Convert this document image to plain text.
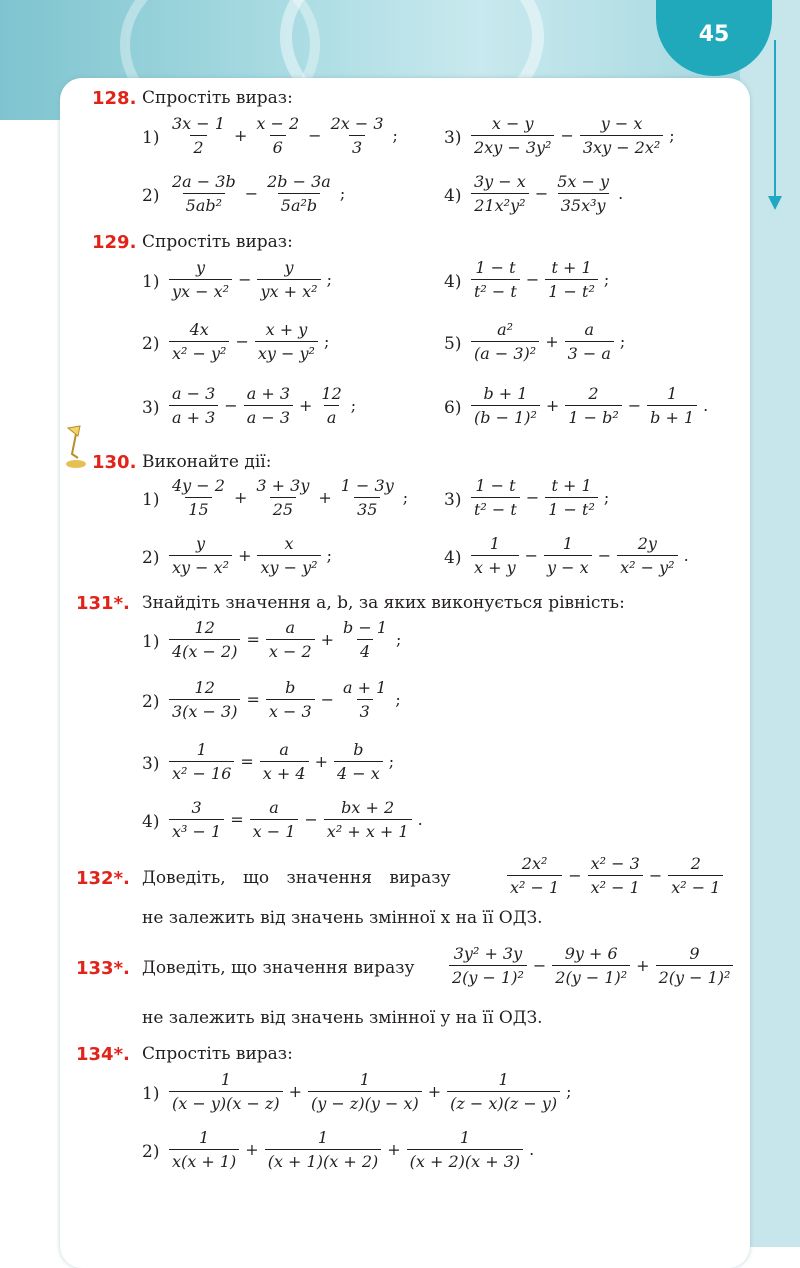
45
128. Спростіть вираз:
$1) \frac{3x - 1}{2} + \frac{x - 2}{6} - \frac{2x - 3}{3}$ ;	$3) \frac{x - y}{\text{2xy − 3y²}} - \frac{y - x}{\text{3xy − 2x²}}$ ;
$2) \frac{2a - 3b}{\text{5ab²}} - \frac{2b - 3a}{\text{5a²b}}$ ;	$4) \frac{3y - x}{\text{21x²y²}} - \frac{5x - y}{\text{35x³y}}$ .
129. Спростіть вираз:
$1) \frac{y}{\text{yx − x²}} - \frac{y}{\text{yx + x²}}$ ;	$4) \frac{1 - t}{\text{t² − t}} - \frac{t + 1}{\text{1 − t²}}$ ;
$2) \frac{4x}{\text{x² − y²}} - \frac{x + y}{\text{xy − y²}}$ ;	$5) \frac{\text{a²}}{\text{(a − 3)²}} + \frac{a}{3 - a}$ ;
$3) \frac{a - 3}{a + 3} - \frac{a + 3}{a - 3} + \frac{12}{a}$ ;	$6) \frac{b + 1}{\text{(b − 1)²}} + \frac{2}{\text{1 − b²}} - \frac{1}{b + 1}$ .
130. Виконайте дії:
$1) \frac{4y - 2}{15} + \frac{3 + 3y}{25} + \frac{1 - 3y}{35}$ ; $3) \frac{1 - t}{\text{t² − t}} - \frac{t + 1}{\text{1 − t²}}$ ;
$2) \frac{y}{\text{xy − x²}} + \frac{x}{\text{xy − y²}}$ ;	$4) \frac{1}{x + y} - \frac{1}{y - x} - \frac{2y}{\text{x² − y²}}$ .
131*. Знайдіть значення a, b, за яких виконується рівність:
$1) \frac{12}{4(x - 2)} = \frac{a}{x - 2} + \frac{b - 1}{4}$ ;
$2) \frac{12}{3(x - 3)} = \frac{b}{x - 3} - \frac{a + 1}{3}$ ;
$3) \frac{1}{\text{x² − 16}} = \frac{a}{x + 4} + \frac{b}{4 - x}$ ;
$4) \frac{3}{\text{x³ − 1}} = \frac{a}{x - 1} - \frac{bx + 2}{\text{x² + x + 1}}$ .
132*. Доведіть, що значення виразу	$\frac{\text{2x²}}{\text{x² − 1}} - \frac{\text{x² − 3}}{\text{x² − 1}} - \frac{2}{\text{x² − 1}}$
не залежить від значень змінної x на її ОДЗ.
133*. Доведіть, що значення виразу $\frac{\text{3y² + 3y}}{\text{2(y − 1)²}} - \frac{9y + 6}{\text{2(y − 1)²}} + \frac{9}{\text{2(y − 1)²}}$
не залежить від значень змінної y на її ОДЗ.
134*. Спростіть вираз:
$1) \frac{1}{(x - y)(x - z)} + \frac{1}{(y - z)(y - x)} + \frac{1}{(z - x)(z - y)}$ ;
$2) \frac{1}{x(x + 1)} + \frac{1}{(x + 1)(x + 2)} + \frac{1}{(x + 2)(x + 3)}$ .
